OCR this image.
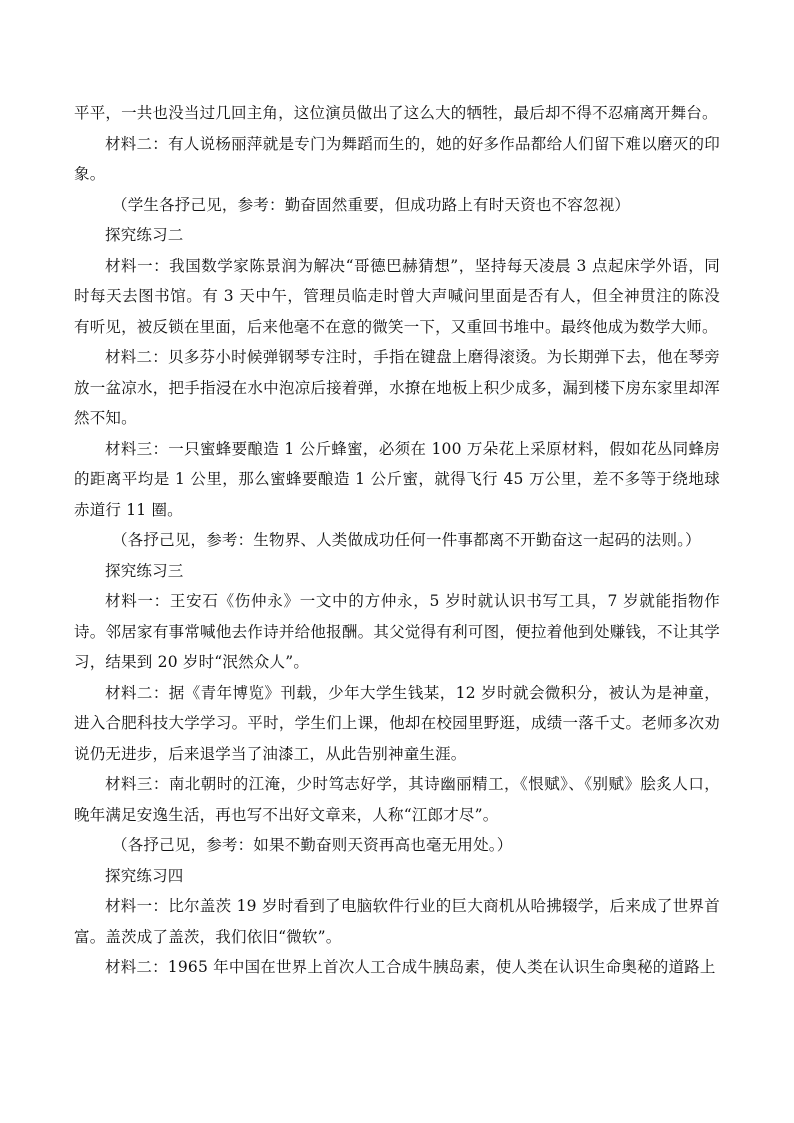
平平，一共也没当过几回主角，这位演员做出了这么大的牺牲，最后却不得不忍痛离开舞台。

材料二：有人说杨丽萍就是专门为舞蹈而生的，她的好多作品都给人们留下难以磨灭的印象。

（学生各抒己见，参考：勤奋固然重要，但成功路上有时天资也不容忽视）

探究练习二

材料一：我国数学家陈景润为解决“哥德巴赫猜想”，坚持每天凌晨 3 点起床学外语，同时每天去图书馆。有 3 天中午，管理员临走时曾大声喊问里面是否有人，但全神贯注的陈没有听见，被反锁在里面，后来他毫不在意的微笑一下，又重回书堆中。最终他成为数学大师。

材料二：贝多芬小时候弹钢琴专注时，手指在键盘上磨得滚烫。为长期弹下去，他在琴旁放一盆凉水，把手指浸在水中泡凉后接着弹，水撩在地板上积少成多，漏到楼下房东家里却浑然不知。

材料三：一只蜜蜂要酿造 1 公斤蜂蜜，必须在 100 万朵花上采原材料，假如花丛同蜂房的距离平均是 1 公里，那么蜜蜂要酿造 1 公斤蜜，就得飞行 45 万公里，差不多等于绕地球赤道行 11 圈。

（各抒己见，参考：生物界、人类做成功任何一件事都离不开勤奋这一起码的法则。）

探究练习三

材料一：王安石《伤仲永》一文中的方仲永，5 岁时就认识书写工具，7 岁就能指物作诗。邻居家有事常喊他去作诗并给他报酬。其父觉得有利可图，便拉着他到处赚钱，不让其学习，结果到 20 岁时“泯然众人”。

材料二：据《青年博览》刊载，少年大学生钱某，12 岁时就会微积分，被认为是神童，进入合肥科技大学学习。平时，学生们上课，他却在校园里野逛，成绩一落千丈。老师多次劝说仍无进步，后来退学当了油漆工，从此告别神童生涯。

材料三：南北朝时的江淹，少时笃志好学，其诗幽丽精工，《恨赋》、《别赋》脍炙人口，晚年满足安逸生活，再也写不出好文章来，人称“江郎才尽”。

（各抒己见，参考：如果不勤奋则天资再高也毫无用处。）

探究练习四

材料一：比尔盖茨 19 岁时看到了电脑软件行业的巨大商机从哈拂辍学，后来成了世界首富。盖茨成了盖茨，我们依旧“微软”。

材料二：1965 年中国在世界上首次人工合成牛胰岛素，使人类在认识生命奥秘的道路上
